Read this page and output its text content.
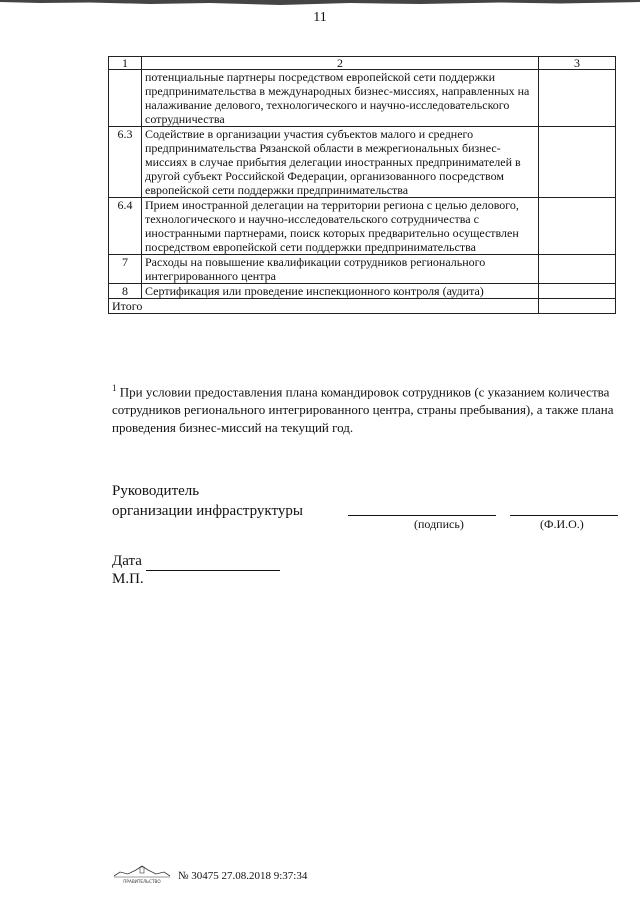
11
1	2	3
	потенциальные партнеры посредством европейской сети поддержки предпринимательства в международных бизнес-миссиях, направленных на налаживание делового, технологического и научно-исследовательского сотрудничества	
6.3	Содействие в организации участия субъектов малого и среднего предпринимательства Рязанской области в межрегиональных бизнес-миссиях в случае прибытия делегации иностранных предпринимателей в другой субъект Российской Федерации, организованного посредством европейской сети поддержки предпринимательства	
6.4	Прием иностранной делегации на территории региона с целью делового, технологического и научно-исследовательского сотрудничества с иностранными партнерами, поиск которых предварительно осуществлен посредством европейской сети поддержки предпринимательства	
7	Расходы на повышение квалификации сотрудников регионального интегрированного центра	
8	Сертификация или проведение инспекционного контроля (аудита)	
Итого		
$^1$ При условии предоставления плана командировок сотрудников (с указанием количества сотрудников регионального интегрированного центра, страны пребывания), а также плана проведения бизнес-миссий на текущий год.
Руководитель
организации инфраструктуры
(подпись)	(Ф.И.О.)
Дата
М.П.
ПРАВИТЕЛЬСТВО № 30475 27.08.2018 9:37:34
